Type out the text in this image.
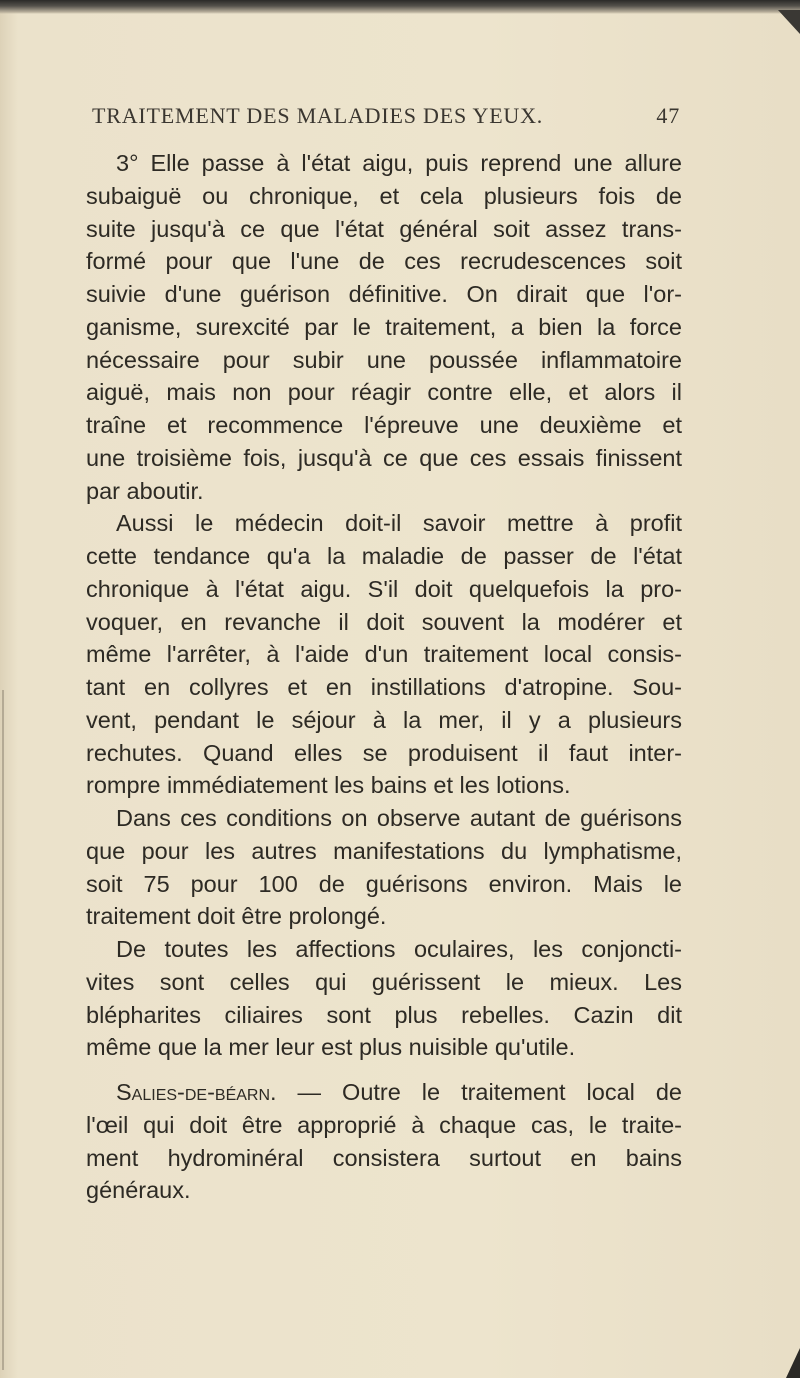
TRAITEMENT DES MALADIES DES YEUX.	47
3° Elle passe à l'état aigu, puis reprend une allure
subaiguë ou chronique, et cela plusieurs fois de
suite jusqu'à ce que l'état général soit assez trans-
formé pour que l'une de ces recrudescences soit
suivie d'une guérison définitive. On dirait que l'or-
ganisme, surexcité par le traitement, a bien la force
nécessaire pour subir une poussée inflammatoire
aiguë, mais non pour réagir contre elle, et alors il
traîne et recommence l'épreuve une deuxième et
une troisième fois, jusqu'à ce que ces essais finissent
par aboutir.
Aussi le médecin doit-il savoir mettre à profit
cette tendance qu'a la maladie de passer de l'état
chronique à l'état aigu. S'il doit quelquefois la pro-
voquer, en revanche il doit souvent la modérer et
même l'arrêter, à l'aide d'un traitement local consis-
tant en collyres et en instillations d'atropine. Sou-
vent, pendant le séjour à la mer, il y a plusieurs
rechutes. Quand elles se produisent il faut inter-
rompre immédiatement les bains et les lotions.
Dans ces conditions on observe autant de guérisons
que pour les autres manifestations du lymphatisme,
soit 75 pour 100 de guérisons environ. Mais le
traitement doit être prolongé.
De toutes les affections oculaires, les conjoncti-
vites sont celles qui guérissent le mieux. Les
blépharites ciliaires sont plus rebelles. Cazin dit
même que la mer leur est plus nuisible qu'utile.
Salies-de-béarn. — Outre le traitement local de
l'œil qui doit être approprié à chaque cas, le traite-
ment hydrominéral consistera surtout en bains
généraux.
